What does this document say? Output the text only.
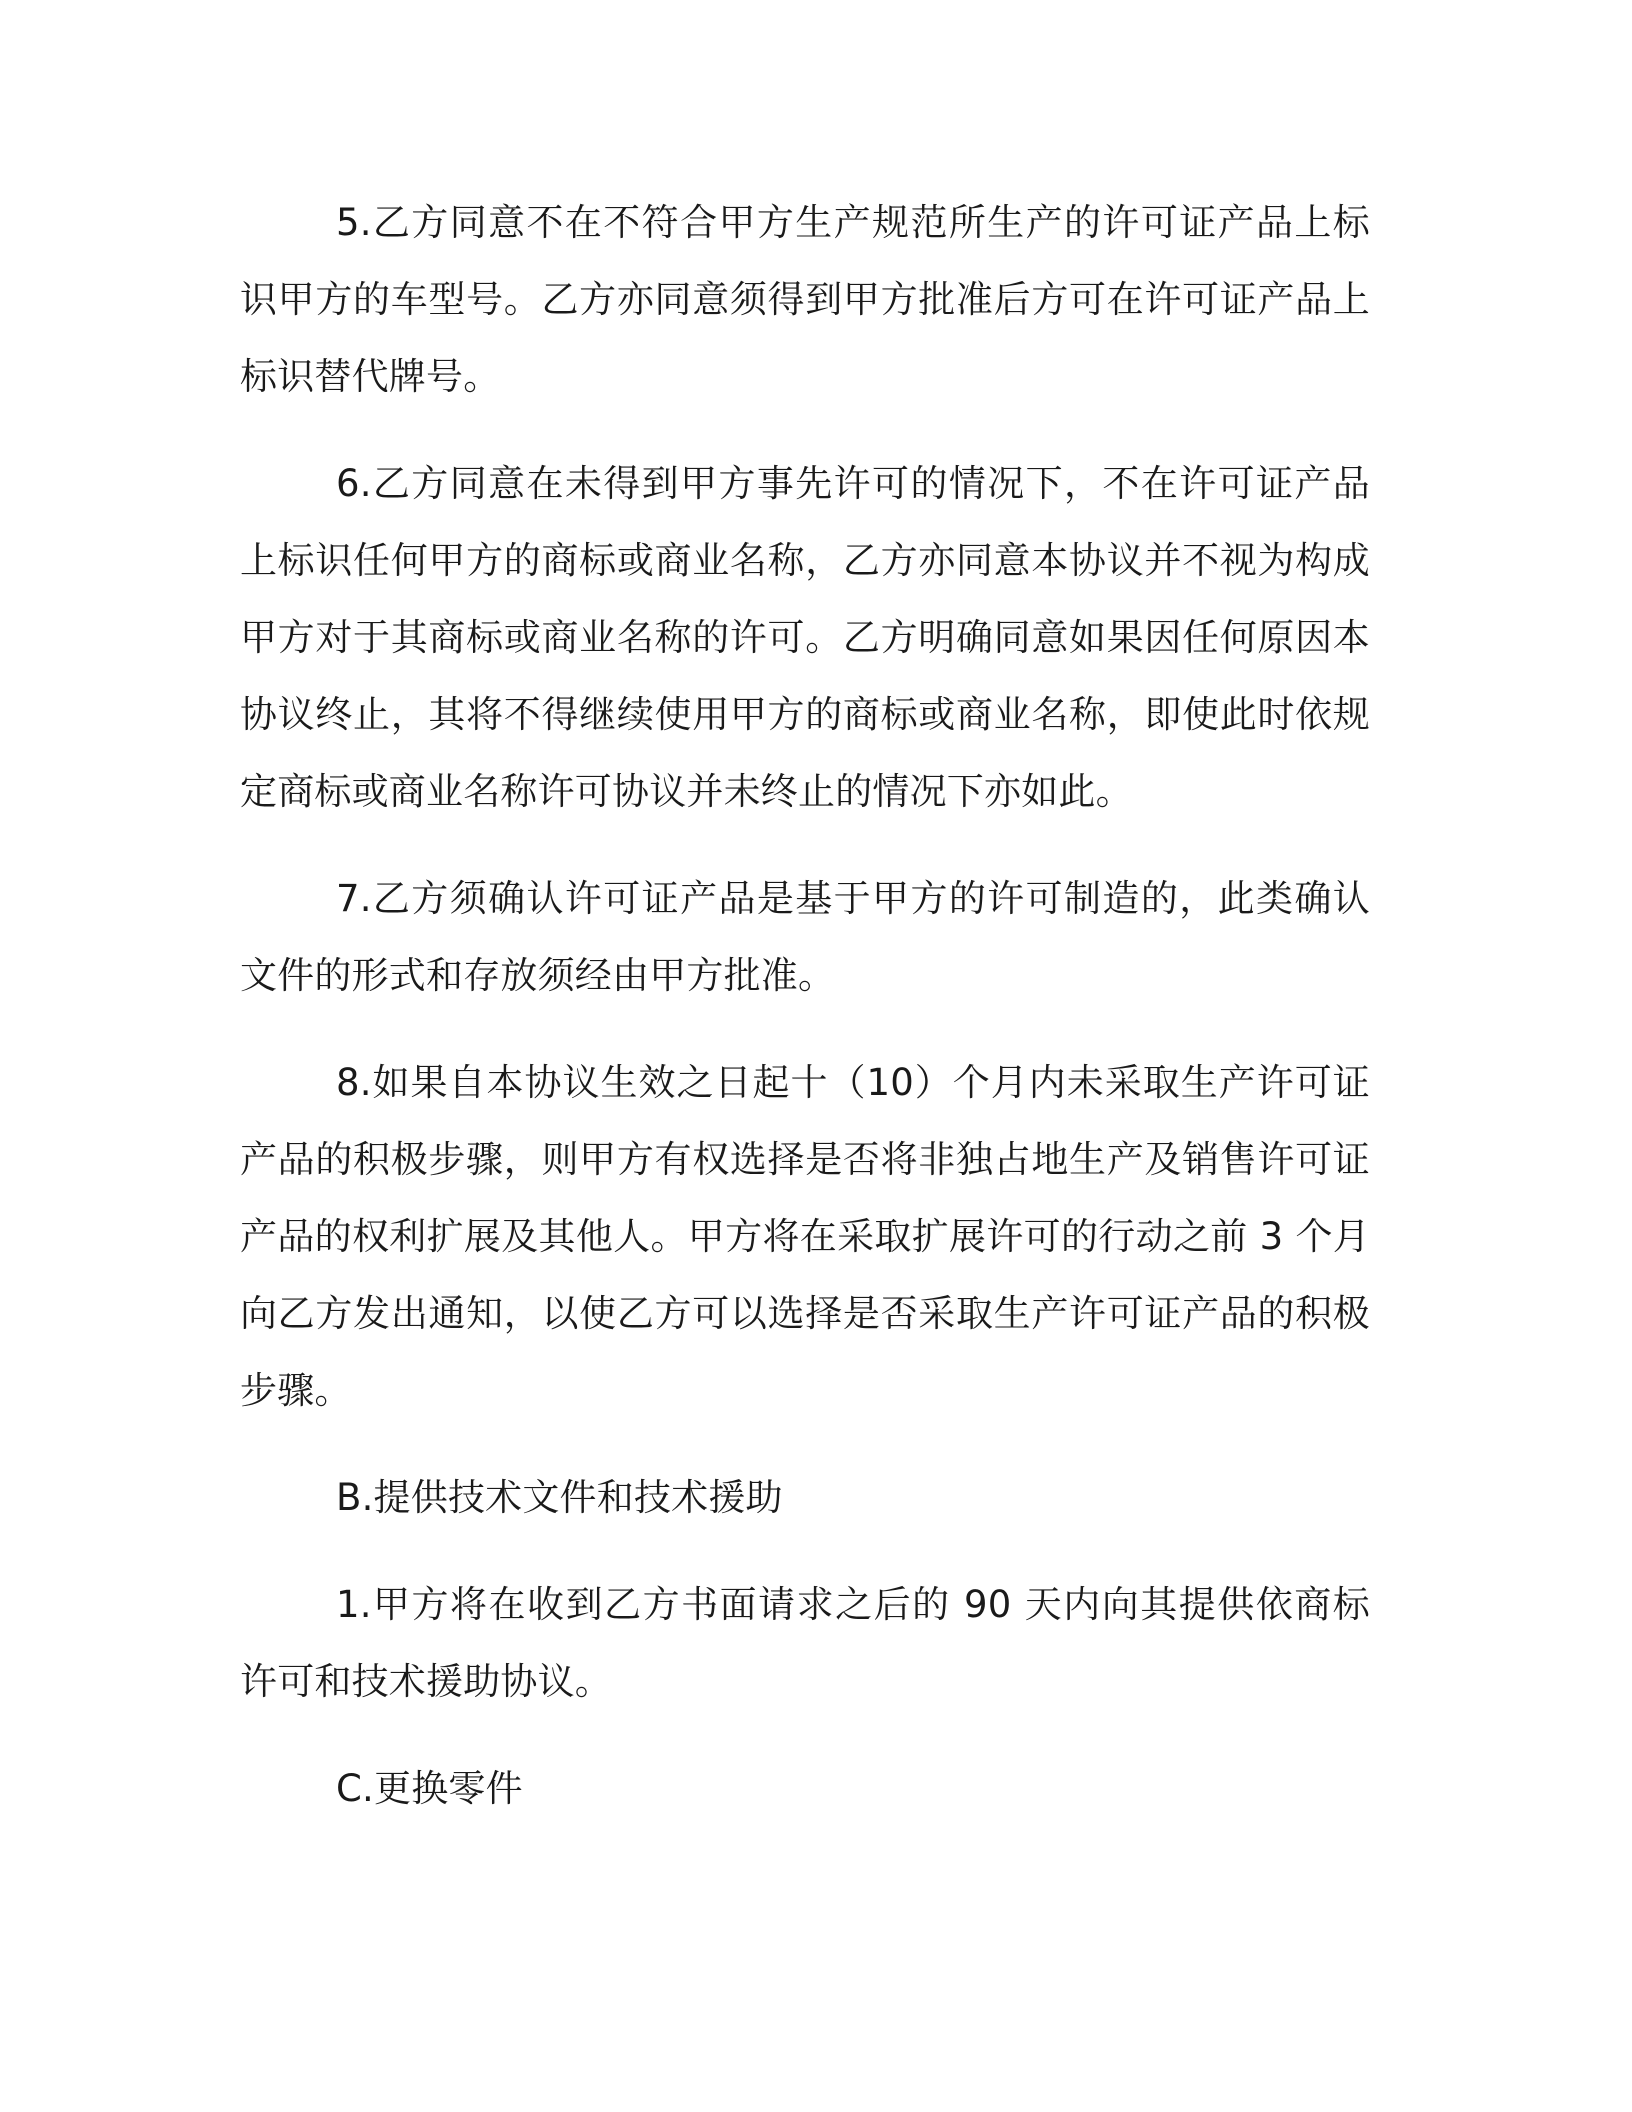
5.乙方同意不在不符合甲方生产规范所生产的许可证产品上标识甲方的车型号。乙方亦同意须得到甲方批准后方可在许可证产品上标识替代牌号。

6.乙方同意在未得到甲方事先许可的情况下，不在许可证产品上标识任何甲方的商标或商业名称，乙方亦同意本协议并不视为构成甲方对于其商标或商业名称的许可。乙方明确同意如果因任何原因本协议终止，其将不得继续使用甲方的商标或商业名称，即使此时依规定商标或商业名称许可协议并未终止的情况下亦如此。

7.乙方须确认许可证产品是基于甲方的许可制造的，此类确认文件的形式和存放须经由甲方批准。

8.如果自本协议生效之日起十（10）个月内未采取生产许可证产品的积极步骤，则甲方有权选择是否将非独占地生产及销售许可证产品的权利扩展及其他人。甲方将在采取扩展许可的行动之前 3 个月向乙方发出通知，以使乙方可以选择是否采取生产许可证产品的积极步骤。

B.提供技术文件和技术援助

1.甲方将在收到乙方书面请求之后的 90 天内向其提供依商标许可和技术援助协议。

C.更换零件
